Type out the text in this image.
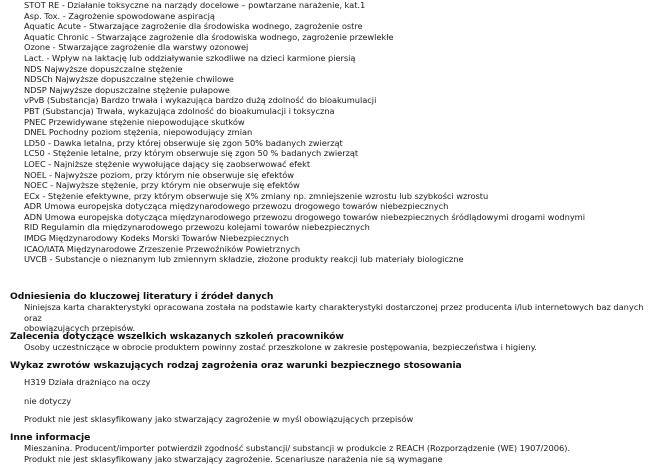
STOT RE - Działanie toksyczne na narządy docelowe – powtarzane narażenie, kat.1
Asp. Tox. - Zagrożenie spowodowane aspiracją
Aquatic Acute - Stwarzające zagrożenie dla środowiska wodnego, zagrożenie ostre
Aquatic Chronic - Stwarzające zagrożenie dla środowiska wodnego, zagrożenie przewlekłe
Ozone - Stwarzające zagrożenie dla warstwy ozonowej
Lact. - Wpływ na laktację lub oddziaływanie szkodliwe na dzieci karmione piersią
NDS Najwyższe dopuszczalne stężenie
NDSCh Najwyższe dopuszczalne stężenie chwilowe
NDSP Najwyższe dopuszczalne stężenie pułapowe
vPvB (Substancja) Bardzo trwała i wykazująca bardzo dużą zdolność do bioakumulacji
PBT (Substancja) Trwała, wykazująca zdolność do bioakumulacji i toksyczna
PNEC Przewidywane stężenie niepowodujące skutków
DNEL Pochodny poziom stężenia, niepowodujący zmian
LD50 - Dawka letalna, przy której obserwuje się zgon 50% badanych zwierząt
LC50 - Stężenie letalne, przy którym obserwuje się zgon 50 % badanych zwierząt
LOEC - Najniższe stężenie wywołujące dający się zaobserwować efekt
NOEL - Najwyższe poziom, przy którym nie obserwuje się efektów
NOEC - Najwyższe stężenie, przy którym nie obserwuje się efektów
ECx - Stężenie efektywne, przy którym obserwuje się X% zmiany np. zmniejszenie wzrostu lub szybkości wzrostu
ADR Umowa europejska dotycząca międzynarodowego przewozu drogowego towarów niebezpiecznych
ADN Umowa europejska dotycząca międzynarodowego przewozu drogowego towarów niebezpiecznych śródlądowymi drogami wodnymi
RID Regulamin dla międzynarodowego przewozu kolejami towarów niebezpiecznych
IMDG Międzynarodowy Kodeks Morski Towarów Niebezpiecznych
ICAO/IATA Międzynarodowe Zrzeszenie Przewoźników Powietrznych
UVCB - Substancje o nieznanym lub zmiennym składzie, złożone produkty reakcji lub materiały biologiczne
Odniesienia do kluczowej literatury i źródeł danych

Niniejsza karta charakterystyki opracowana została na podstawie karty charakterystyki dostarczonej przez producenta i/lub internetowych baz danych oraz

obowiązujących przepisów.

Zalecenia dotyczące wszelkich wskazanych szkoleń pracowników

Osoby uczestniczące w obrocie produktem powinny zostać przeszkolone w zakresie postępowania, bezpieczeństwa i higieny.

Wykaz zwrotów wskazujących rodzaj zagrożenia oraz warunki bezpiecznego stosowania

H319 Działa drażniąco na oczy

nie dotyczy

Produkt nie jest sklasyfikowany jako stwarzający zagrożenie w myśl obowiązujących przepisów

Inne informacje

Mieszanina. Producent/importer potwierdził zgodność substancji/ substancji w produkcie z REACH (Rozporządzenie (WE) 1907/2006).

Produkt nie jest sklasyfikowany jako stwarzający zagrożenie. Scenariusze narażenia nie są wymagane
